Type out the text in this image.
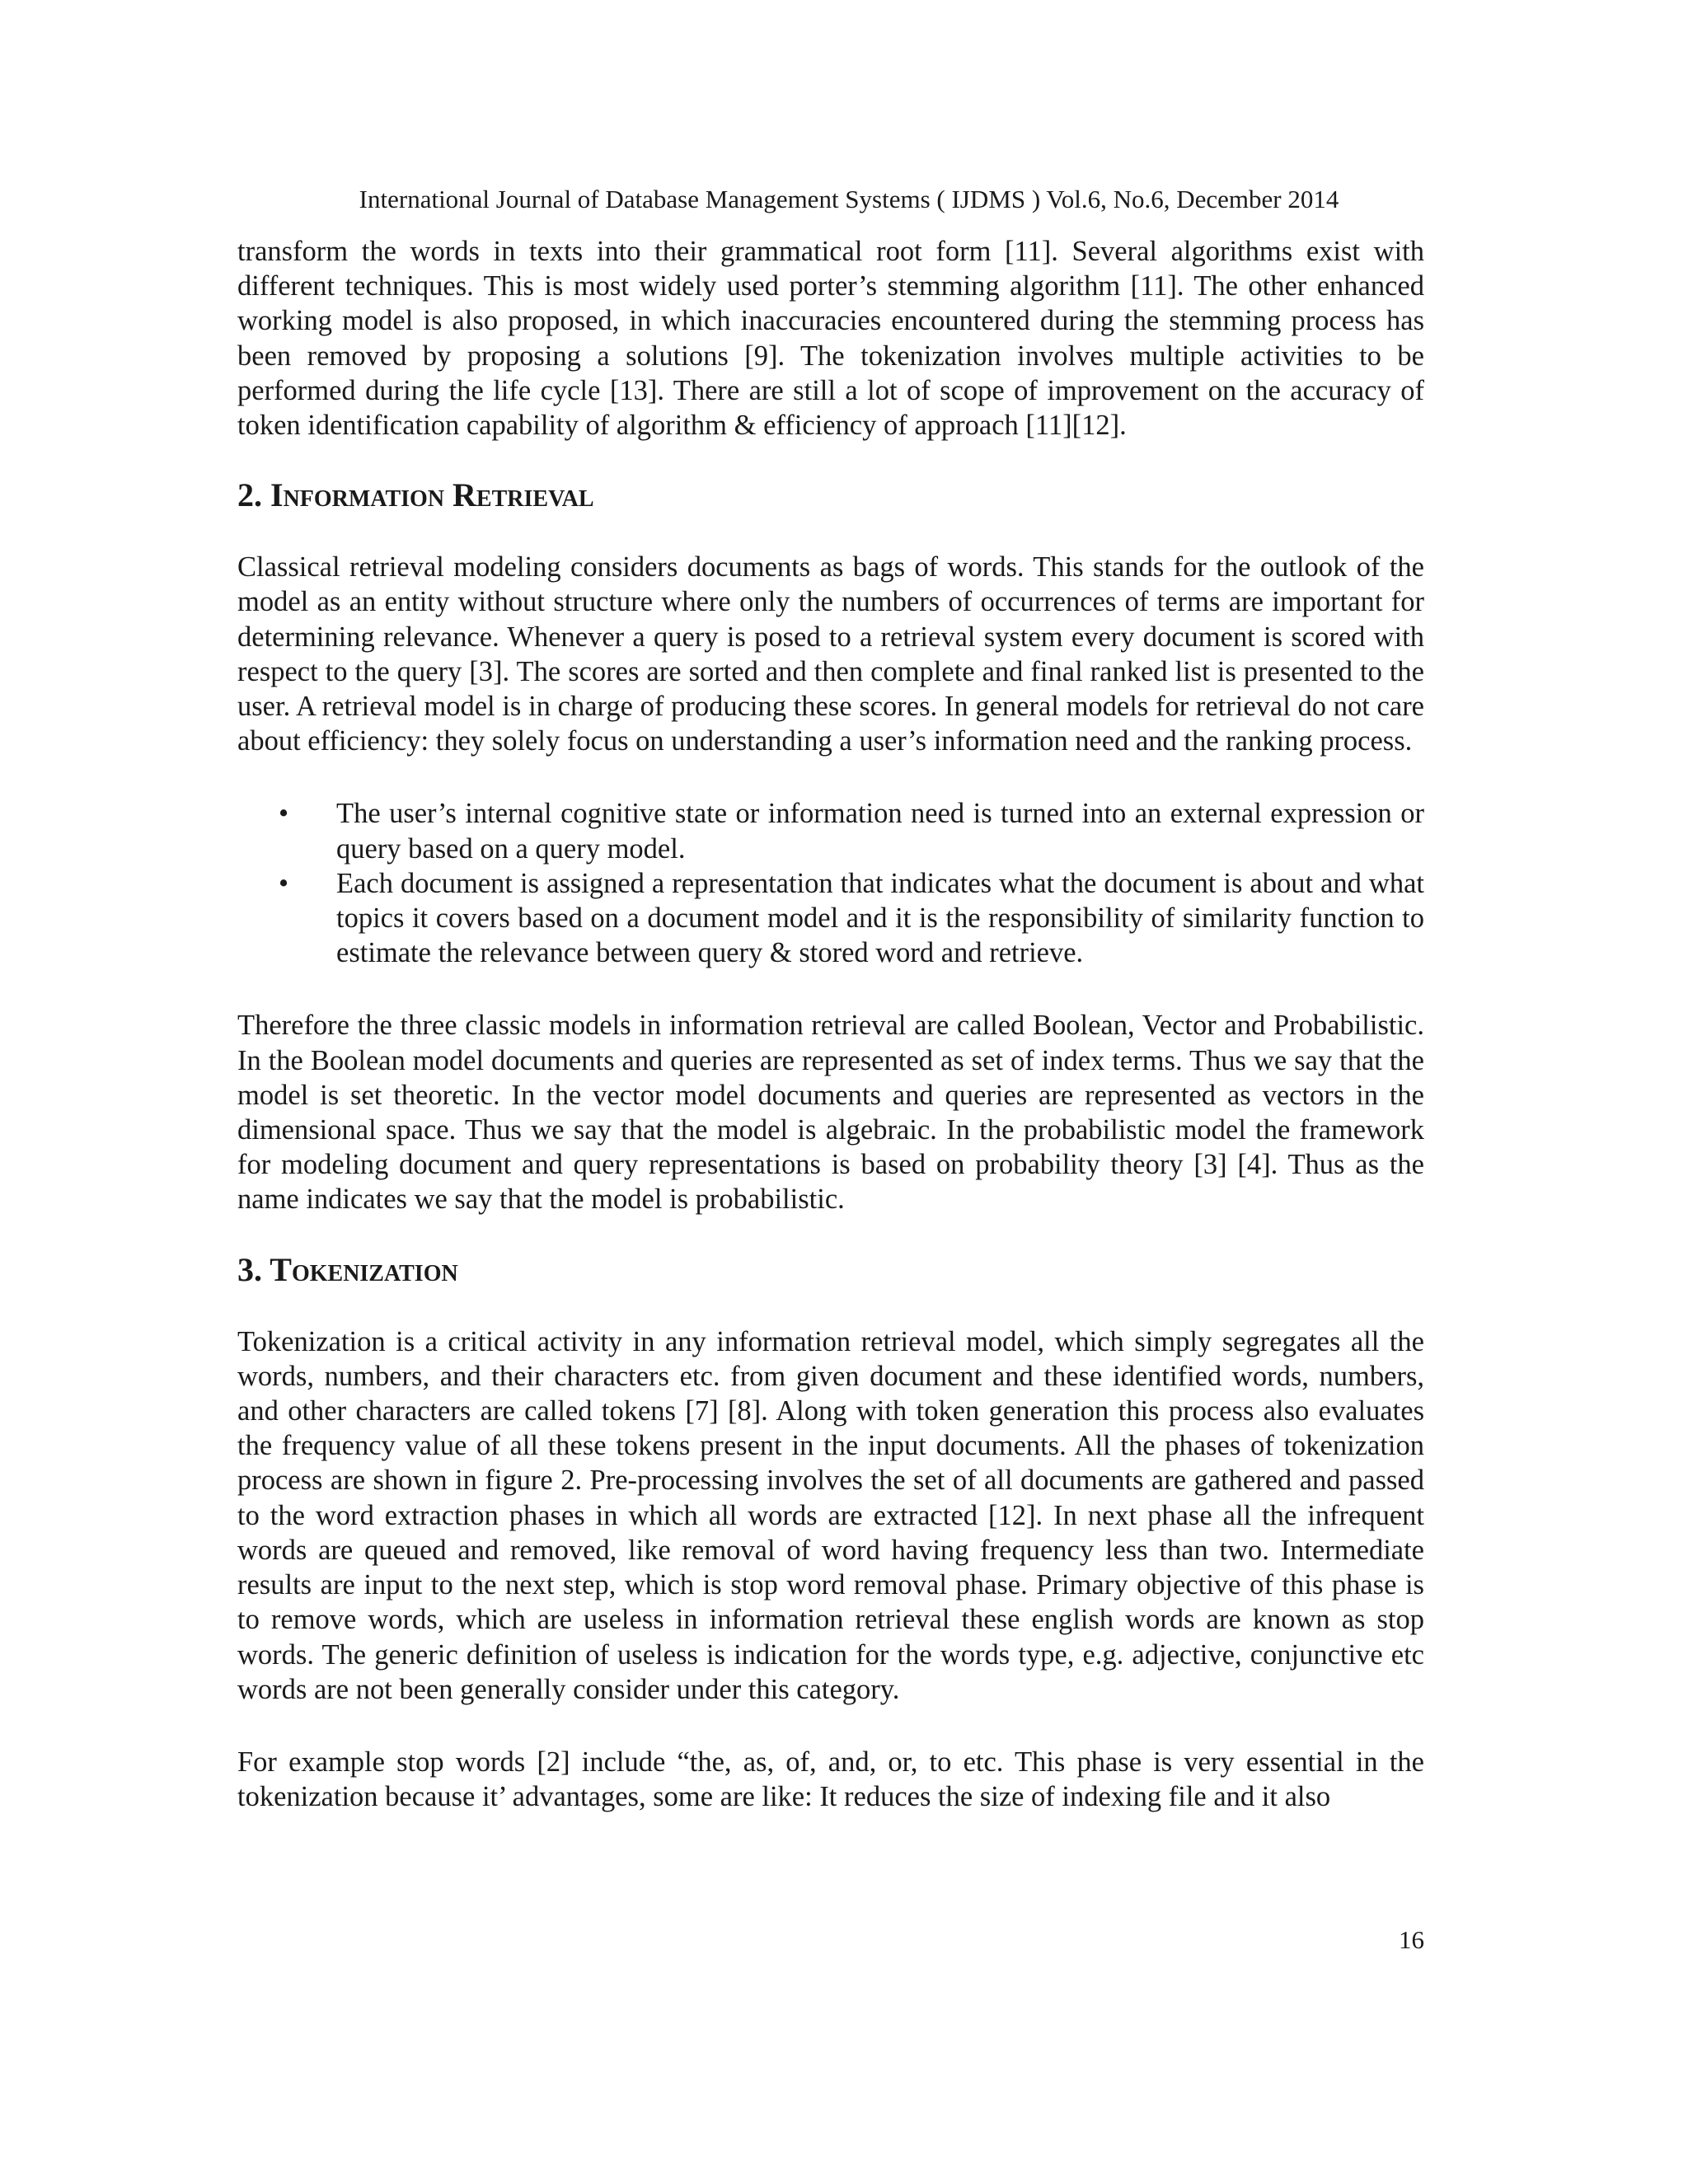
International Journal of Database Management Systems ( IJDMS ) Vol.6, No.6, December 2014

transform the words in texts into their grammatical root form [11]. Several algorithms exist with different techniques. This is most widely used porter’s stemming algorithm [11]. The other enhanced working model is also proposed, in which inaccuracies encountered during the stemming process has been removed by proposing a solutions [9]. The tokenization involves multiple activities to be performed during the life cycle [13]. There are still a lot of scope of improvement on the accuracy of token identification capability of algorithm & efficiency of approach [11][12].

2. Information Retrieval

Classical retrieval modeling considers documents as bags of words. This stands for the outlook of the model as an entity without structure where only the numbers of occurrences of terms are important for determining relevance. Whenever a query is posed to a retrieval system every document is scored with respect to the query [3]. The scores are sorted and then complete and final ranked list is presented to the user. A retrieval model is in charge of producing these scores. In general models for retrieval do not care about efficiency: they solely focus on understanding a user’s information need and the ranking process.

• The user’s internal cognitive state or information need is turned into an external expression or query based on a query model.
• Each document is assigned a representation that indicates what the document is about and what topics it covers based on a document model and it is the responsibility of similarity function to estimate the relevance between query & stored word and retrieve.

Therefore the three classic models in information retrieval are called Boolean, Vector and Probabilistic. In the Boolean model documents and queries are represented as set of index terms. Thus we say that the model is set theoretic. In the vector model documents and queries are represented as vectors in the dimensional space. Thus we say that the model is algebraic. In the probabilistic model the framework for modeling document and query representations is based on probability theory [3] [4]. Thus as the name indicates we say that the model is probabilistic.

3. Tokenization

Tokenization is a critical activity in any information retrieval model, which simply segregates all the words, numbers, and their characters etc. from given document and these identified words, numbers, and other characters are called tokens [7] [8]. Along with token generation this process also evaluates the frequency value of all these tokens present in the input documents. All the phases of tokenization process are shown in figure 2. Pre-processing involves the set of all documents are gathered and passed to the word extraction phases in which all words are extracted [12]. In next phase all the infrequent words are queued and removed, like removal of word having frequency less than two. Intermediate results are input to the next step, which is stop word removal phase. Primary objective of this phase is to remove words, which are useless in information retrieval these english words are known as stop words. The generic definition of useless is indication for the words type, e.g. adjective, conjunctive etc words are not been generally consider under this category.

For example stop words [2] include “the, as, of, and, or, to etc. This phase is very essential in the tokenization because it’ advantages, some are like: It reduces the size of indexing file and it also

16
